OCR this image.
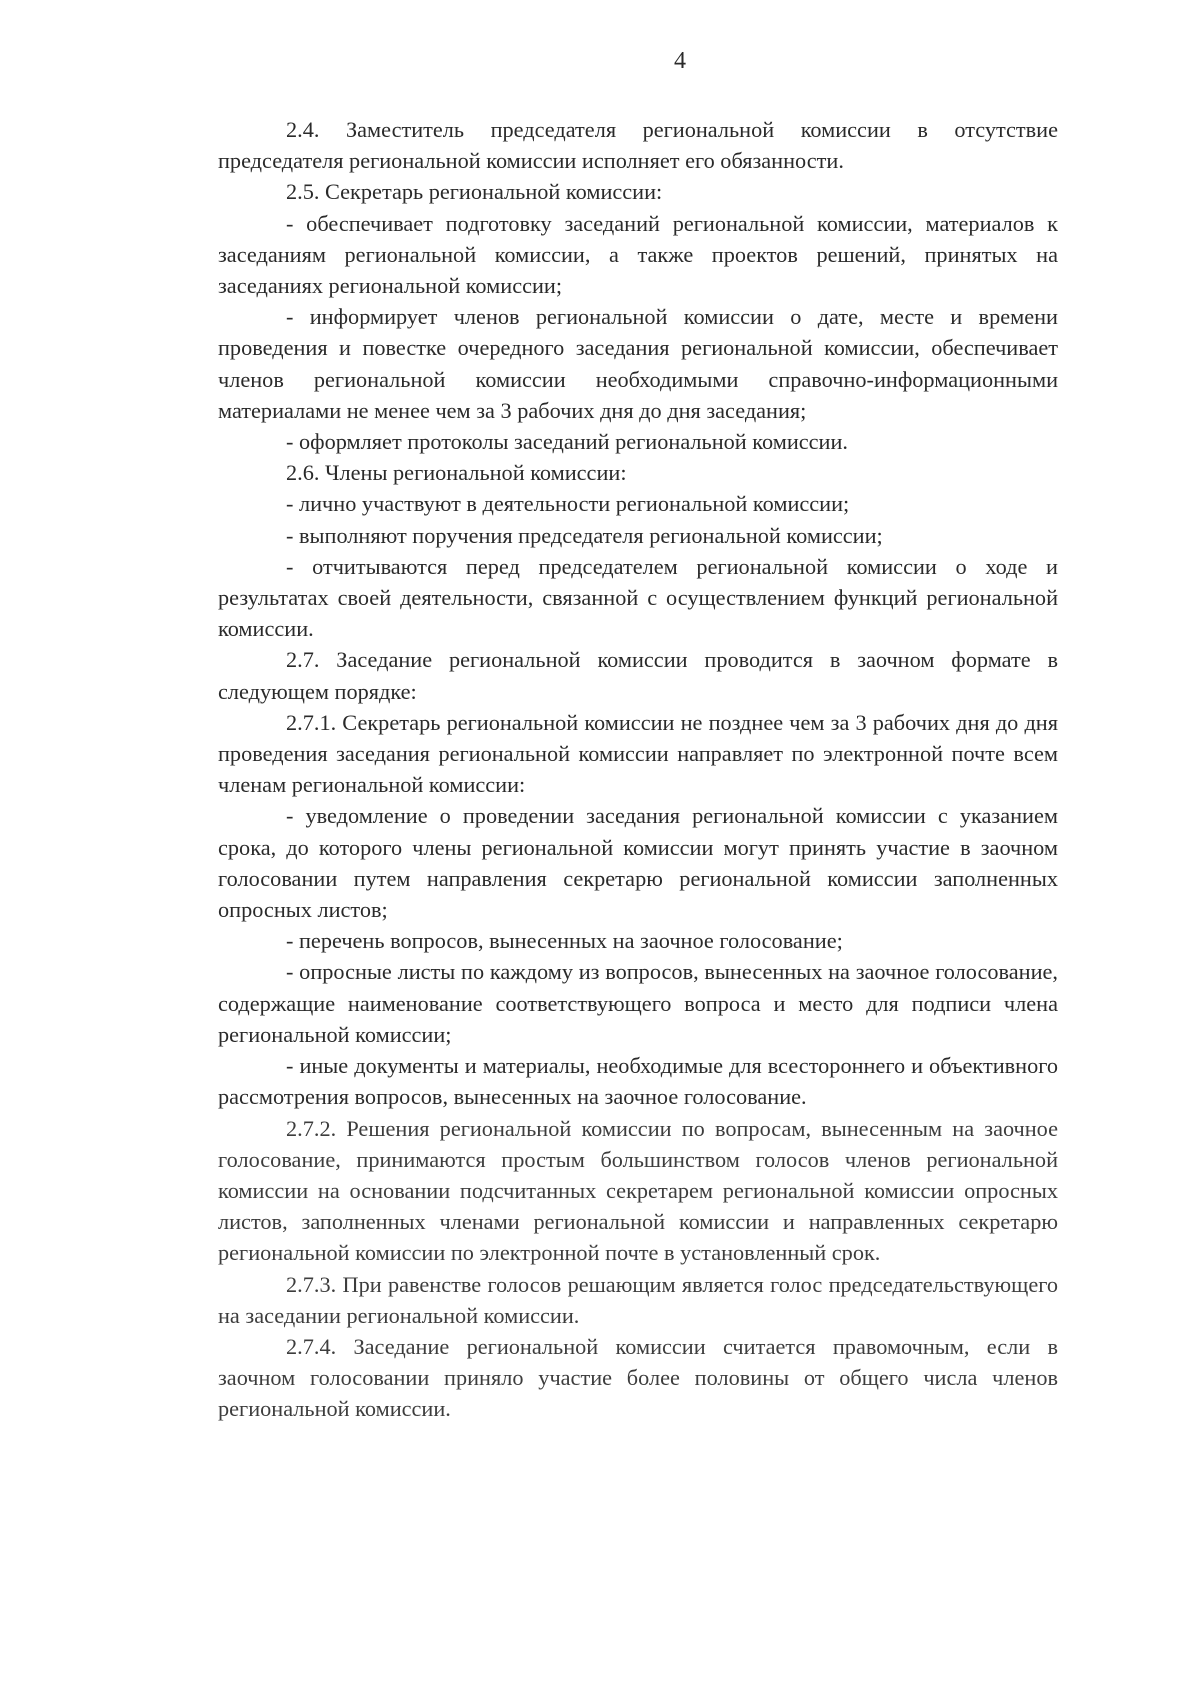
4

2.4. Заместитель председателя региональной комиссии в отсутствие председателя региональной комиссии исполняет его обязанности.

2.5. Секретарь региональной комиссии:

- обеспечивает подготовку заседаний региональной комиссии, материалов к заседаниям региональной комиссии, а также проектов решений, принятых на заседаниях региональной комиссии;

- информирует членов региональной комиссии о дате, месте и времени проведения и повестке очередного заседания региональной комиссии, обеспечивает членов региональной комиссии необходимыми справочно-информационными материалами не менее чем за 3 рабочих дня до дня заседания;

- оформляет протоколы заседаний региональной комиссии.

2.6. Члены региональной комиссии:

- лично участвуют в деятельности региональной комиссии;

- выполняют поручения председателя региональной комиссии;

- отчитываются перед председателем региональной комиссии о ходе и результатах своей деятельности, связанной с осуществлением функций региональной комиссии.

2.7. Заседание региональной комиссии проводится в заочном формате в следующем порядке:

2.7.1. Секретарь региональной комиссии не позднее чем за 3 рабочих дня до дня проведения заседания региональной комиссии направляет по электронной почте всем членам региональной комиссии:

- уведомление о проведении заседания региональной комиссии с указанием срока, до которого члены региональной комиссии могут принять участие в заочном голосовании путем направления секретарю региональной комиссии заполненных опросных листов;

- перечень вопросов, вынесенных на заочное голосование;

- опросные листы по каждому из вопросов, вынесенных на заочное голосование, содержащие наименование соответствующего вопроса и место для подписи члена региональной комиссии;

- иные документы и материалы, необходимые для всестороннего и объективного рассмотрения вопросов, вынесенных на заочное голосование.

2.7.2. Решения региональной комиссии по вопросам, вынесенным на заочное голосование, принимаются простым большинством голосов членов региональной комиссии на основании подсчитанных секретарем региональной комиссии опросных листов, заполненных членами региональной комиссии и направленных секретарю региональной комиссии по электронной почте в установленный срок.

2.7.3. При равенстве голосов решающим является голос председательствующего на заседании региональной комиссии.

2.7.4. Заседание региональной комиссии считается правомочным, если в заочном голосовании приняло участие более половины от общего числа членов региональной комиссии.
